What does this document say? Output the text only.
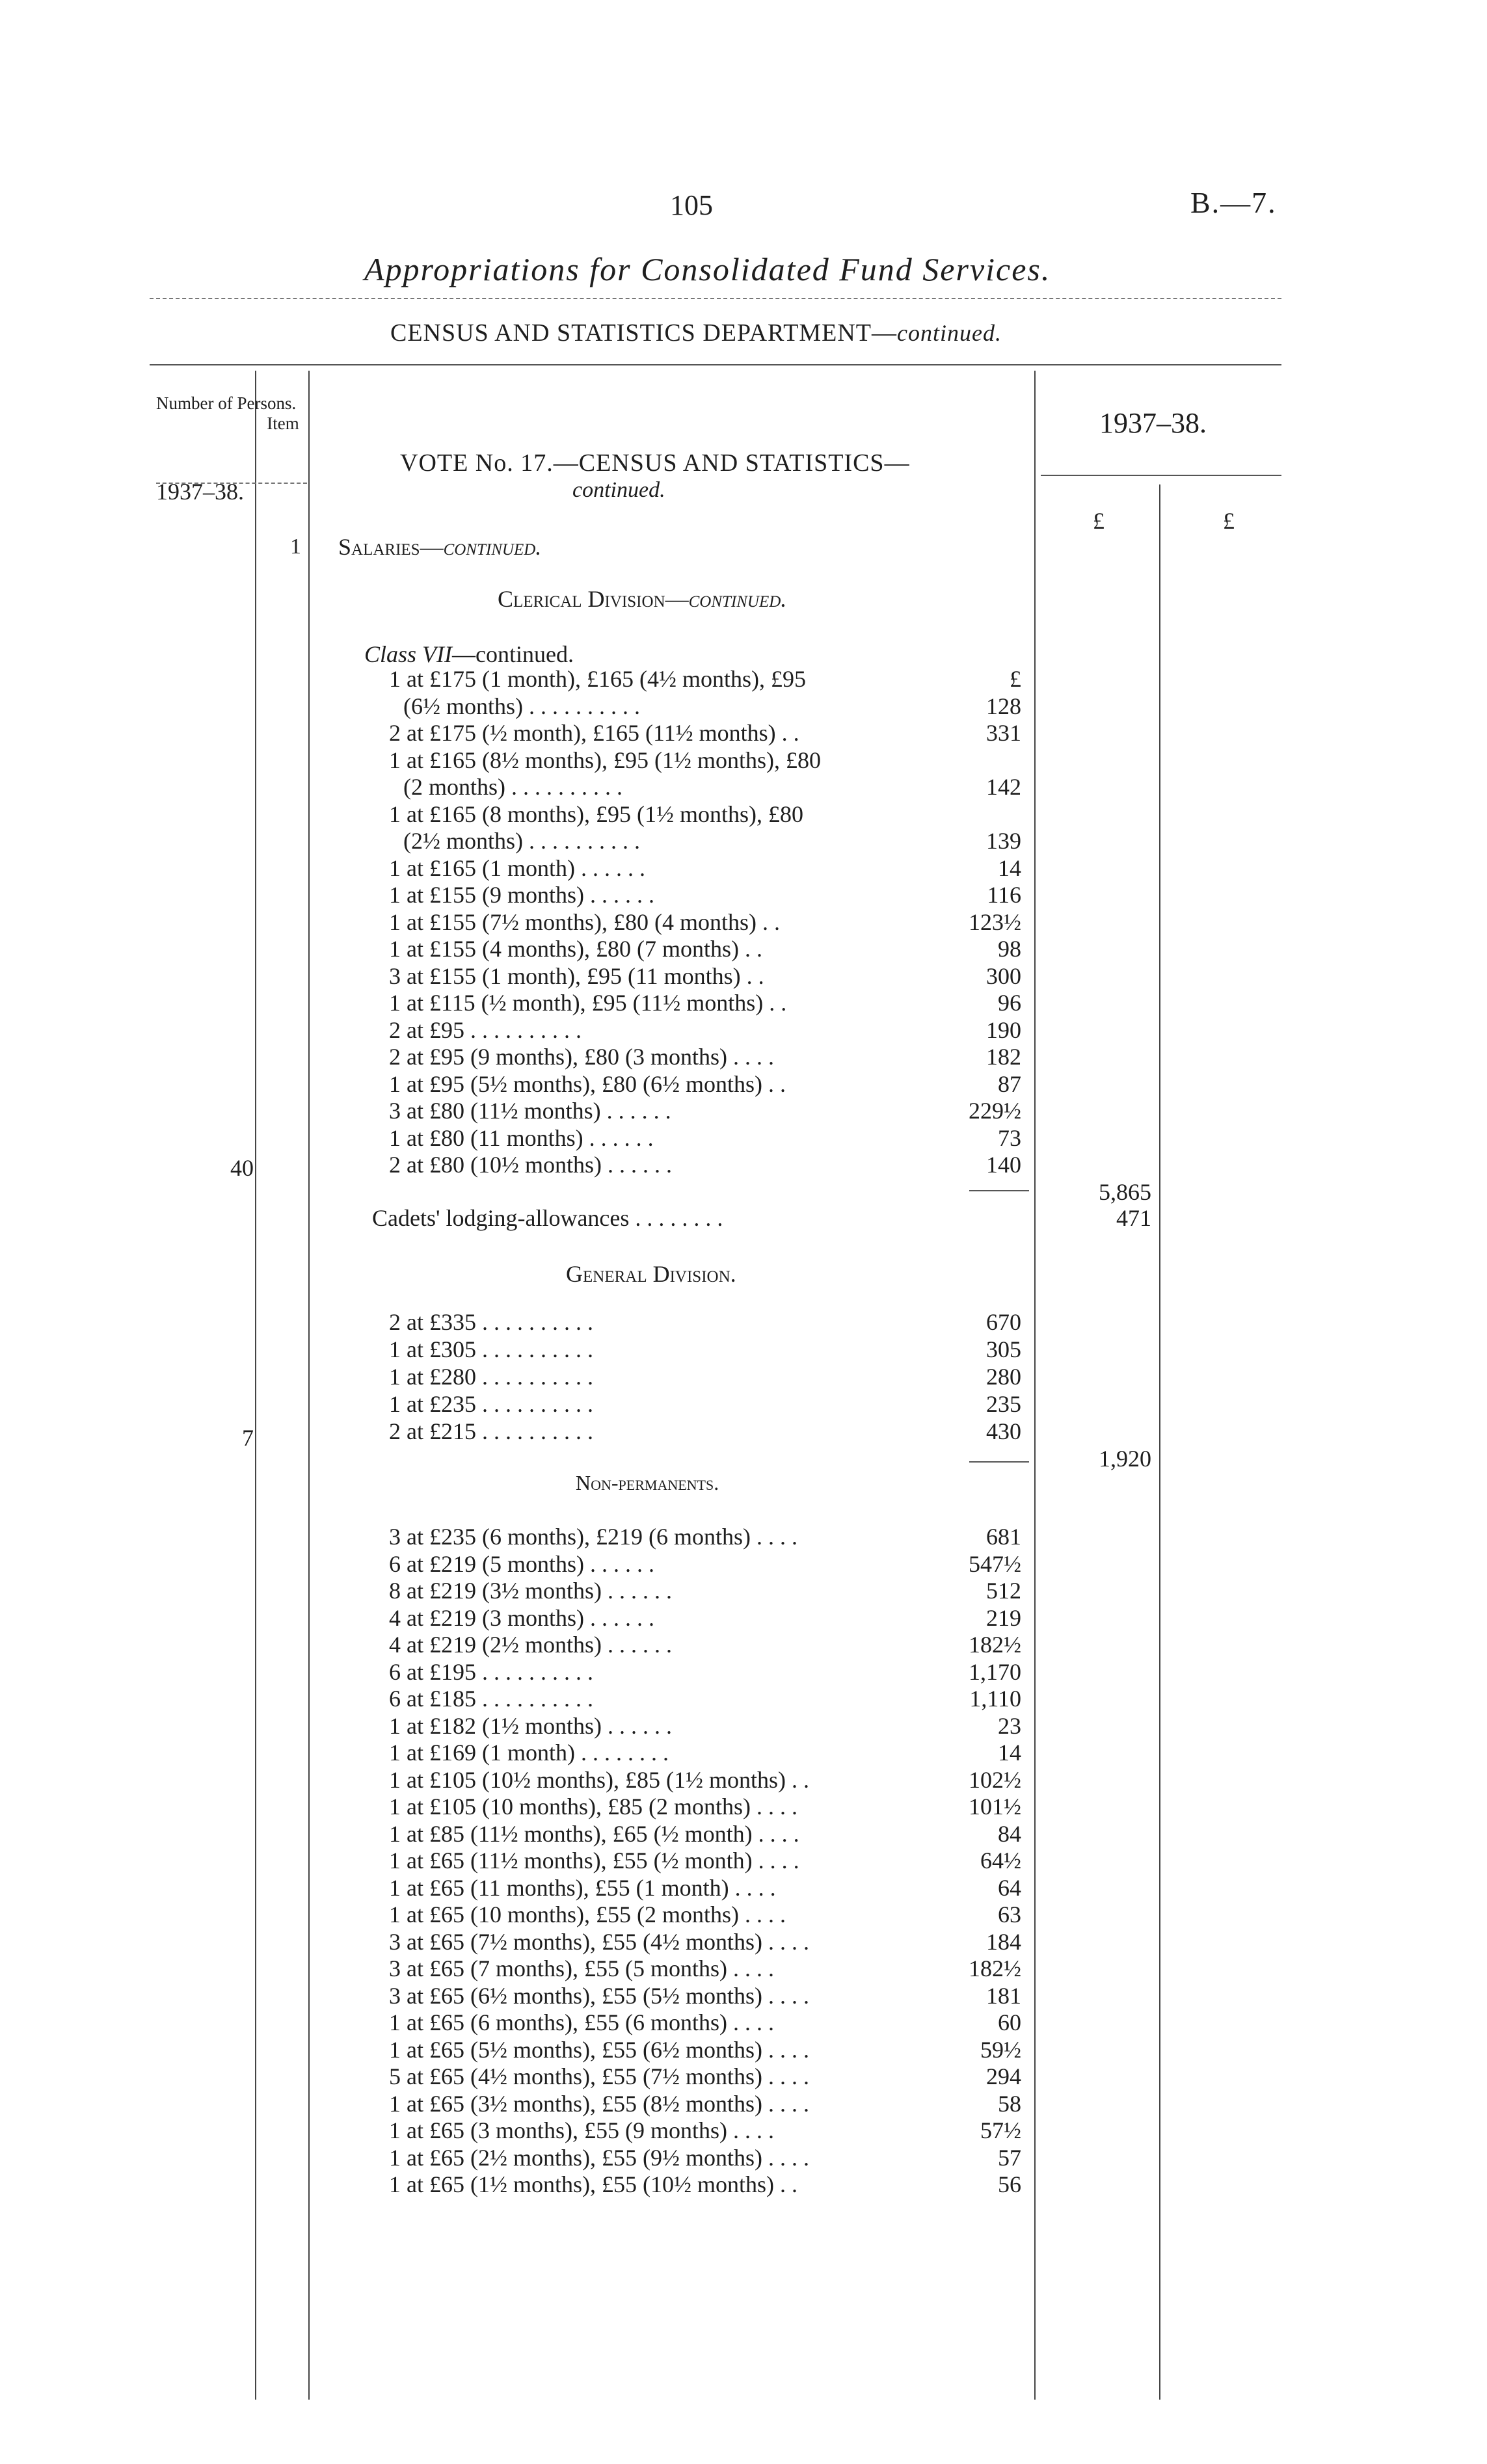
105	B.—7.
Appropriations for Consolidated Fund Services.
CENSUS AND STATISTICS DEPARTMENT—continued.
Number of Persons.
Item
1937–38.
1937–38.
£	£
VOTE No. 17.—CENSUS AND STATISTICS—
continued.
1 Salaries—continued.
Clerical Division—continued.
Class VII—continued.
£
1 at £175 (1 month), £165 (4½ months), £95
(6½ months) . . . . . . . . . .	128
2 at £175 (½ month), £165 (11½ months) . .	331
1 at £165 (8½ months), £95 (1½ months), £80
(2 months) . . . . . . . . . .	142
1 at £165 (8 months), £95 (1½ months), £80
(2½ months) . . . . . . . . . .	139
1 at £165 (1 month) . . . . . .	14
1 at £155 (9 months) . . . . . .	116
1 at £155 (7½ months), £80 (4 months) . .	123½
1 at £155 (4 months), £80 (7 months) . .	98
3 at £155 (1 month), £95 (11 months) . .	300
1 at £115 (½ month), £95 (11½ months) . .	96
2 at £95 . . . . . . . . . .	190
2 at £95 (9 months), £80 (3 months) . . . .	182
1 at £95 (5½ months), £80 (6½ months) . .	87
3 at £80 (11½ months) . . . . . .	229½
1 at £80 (11 months) . . . . . .	73
2 at £80 (10½ months) . . . . . .	140
40
5,865
Cadets' lodging-allowances . . . . . . . .	471
General Division.
2 at £335 . . . . . . . . . .	670
1 at £305 . . . . . . . . . .	305
1 at £280 . . . . . . . . . .	280
1 at £235 . . . . . . . . . .	235
2 at £215 . . . . . . . . . .	430
7
1,920
Non-permanents.
3 at £235 (6 months), £219 (6 months) . . . .	681
6 at £219 (5 months) . . . . . .	547½
8 at £219 (3½ months) . . . . . .	512
4 at £219 (3 months) . . . . . .	219
4 at £219 (2½ months) . . . . . .	182½
6 at £195 . . . . . . . . . .	1,170
6 at £185 . . . . . . . . . .	1,110
1 at £182 (1½ months) . . . . . .	23
1 at £169 (1 month) . . . . . . . .	14
1 at £105 (10½ months), £85 (1½ months) . .	102½
1 at £105 (10 months), £85 (2 months) . . . .	101½
1 at £85 (11½ months), £65 (½ month) . . . .	84
1 at £65 (11½ months), £55 (½ month) . . . .	64½
1 at £65 (11 months), £55 (1 month) . . . .	64
1 at £65 (10 months), £55 (2 months) . . . .	63
3 at £65 (7½ months), £55 (4½ months) . . . .	184
3 at £65 (7 months), £55 (5 months) . . . .	182½
3 at £65 (6½ months), £55 (5½ months) . . . .	181
1 at £65 (6 months), £55 (6 months) . . . .	60
1 at £65 (5½ months), £55 (6½ months) . . . .	59½
5 at £65 (4½ months), £55 (7½ months) . . . .	294
1 at £65 (3½ months), £55 (8½ months) . . . .	58
1 at £65 (3 months), £55 (9 months) . . . .	57½
1 at £65 (2½ months), £55 (9½ months) . . . .	57
1 at £65 (1½ months), £55 (10½ months) . .	56
